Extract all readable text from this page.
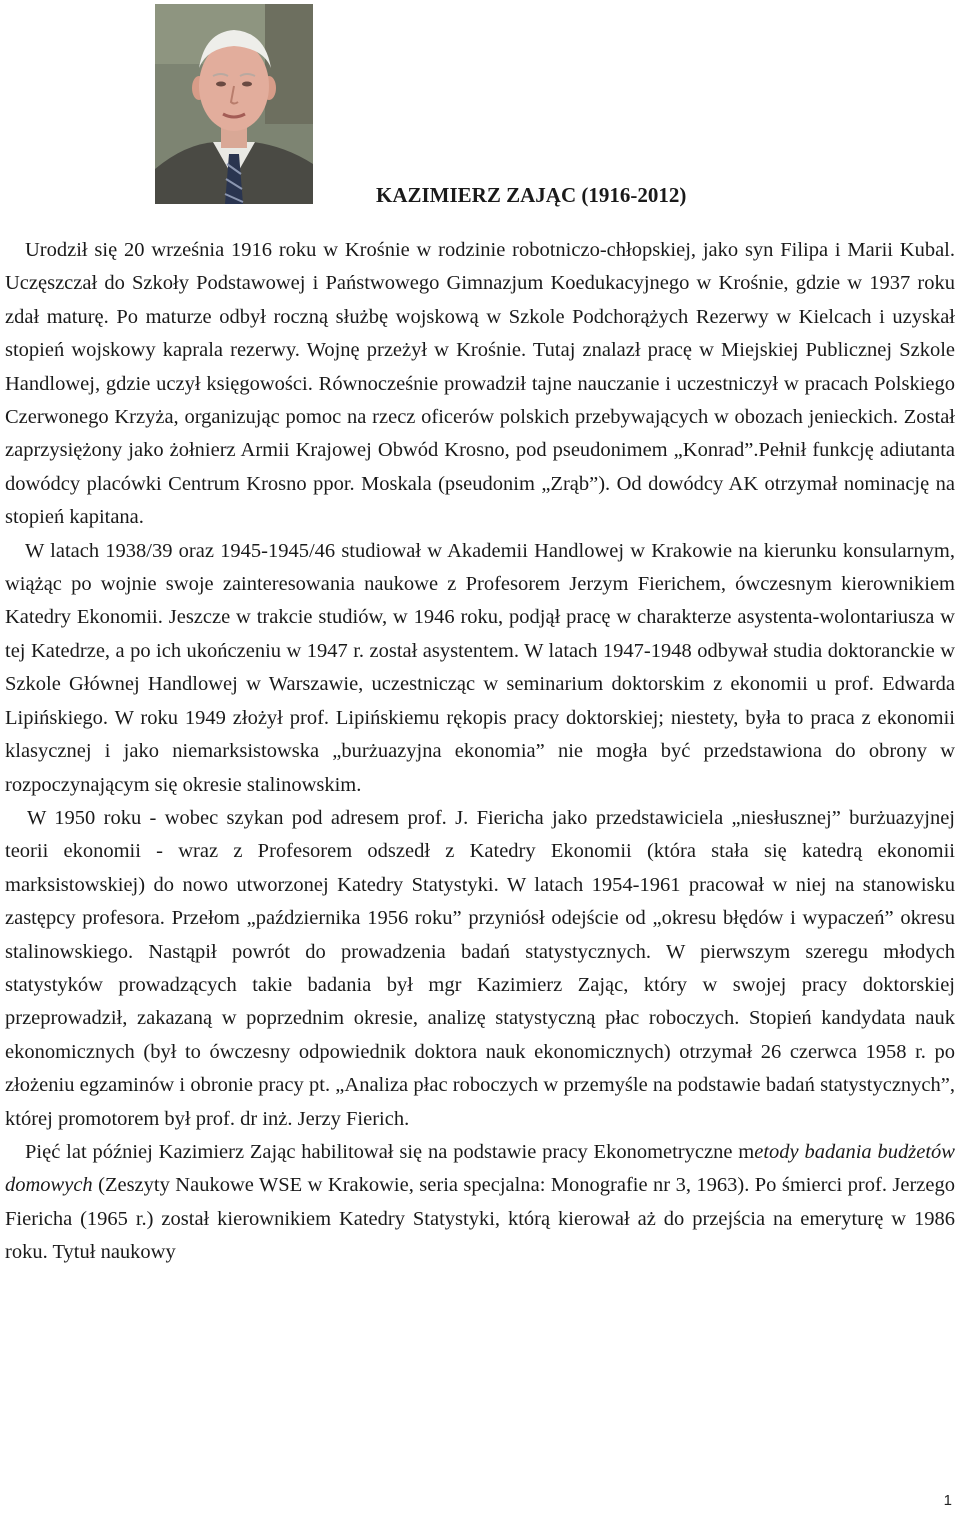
KAZIMIERZ ZAJĄC (1916-2012)

Urodził się 20 września 1916 roku w Krośnie w rodzinie robotniczo-chłopskiej, jako syn Filipa i Marii Kubal. Uczęszczał do Szkoły Podstawowej i Państwowego Gimnazjum Koedukacyjnego w Krośnie, gdzie w 1937 roku zdał maturę. Po maturze odbył roczną służbę wojskową w Szkole Podchorążych Rezerwy w Kielcach i uzyskał stopień wojskowy kaprala rezerwy. Wojnę przeżył w Krośnie. Tutaj znalazł pracę w Miejskiej Publicznej Szkole Handlowej, gdzie uczył księgowości. Równocześnie prowadził tajne nauczanie i uczestniczył w pracach Polskiego Czerwonego Krzyża, organizując pomoc na rzecz oficerów polskich przebywających w obozach jenieckich. Został zaprzysiężony jako żołnierz Armii Krajowej Obwód Krosno, pod pseudonimem „Konrad”.Pełnił funkcję adiutanta dowódcy placówki Centrum Krosno ppor. Moskala (pseudonim „Zrąb”). Od dowódcy AK otrzymał nominację na stopień kapitana.

W latach 1938/39 oraz 1945-1945/46 studiował w Akademii Handlowej w Krakowie na kierunku konsularnym, wiążąc po wojnie swoje zainteresowania naukowe z Profesorem Jerzym Fierichem, ówczesnym kierownikiem Katedry Ekonomii. Jeszcze w trakcie studiów, w 1946 roku, podjął pracę w charakterze asystenta-wolontariusza w tej Katedrze, a po ich ukończeniu w 1947 r. został asystentem. W latach 1947-1948 odbywał studia doktoranckie w Szkole Głównej Handlowej w Warszawie, uczestnicząc w seminarium doktorskim z ekonomii u prof. Edwarda Lipińskiego. W roku 1949 złożył prof. Lipińskiemu rękopis pracy doktorskiej; niestety, była to praca z ekonomii klasycznej i jako niemarksistowska „burżuazyjna ekonomia” nie mogła być przedstawiona do obrony w rozpoczynającym się okresie stalinowskim.

W 1950 roku - wobec szykan pod adresem prof. J. Fiericha jako przedstawiciela „niesłusznej” burżuazyjnej teorii ekonomii - wraz z Profesorem odszedł z Katedry Ekonomii (która stała się katedrą ekonomii marksistowskiej) do nowo utworzonej Katedry Statystyki. W latach 1954-1961 pracował w niej na stanowisku zastępcy profesora. Przełom „października 1956 roku” przyniósł odejście od „okresu błędów i wypaczeń” okresu stalinowskiego. Nastąpił powrót do prowadzenia badań statystycznych. W pierwszym szeregu młodych statystyków prowadzących takie badania był mgr Kazimierz Zając, który w swojej pracy doktorskiej przeprowadził, zakazaną w poprzednim okresie, analizę statystyczną płac roboczych. Stopień kandydata nauk ekonomicznych (był to ówczesny odpowiednik doktora nauk ekonomicznych) otrzymał 26 czerwca 1958 r. po złożeniu egzaminów i obronie pracy pt. „Analiza płac roboczych w przemyśle na podstawie badań statystycznych”, której promotorem był prof. dr inż. Jerzy Fierich.

Pięć lat później Kazimierz Zając habilitował się na podstawie pracy Ekonometryczne metody badania budżetów domowych (Zeszyty Naukowe WSE w Krakowie, seria specjalna: Monografie nr 3, 1963). Po śmierci prof. Jerzego Fiericha (1965 r.) został kierownikiem Katedry Statystyki, którą kierował aż do przejścia na emeryturę w 1986 roku. Tytuł naukowy

1
